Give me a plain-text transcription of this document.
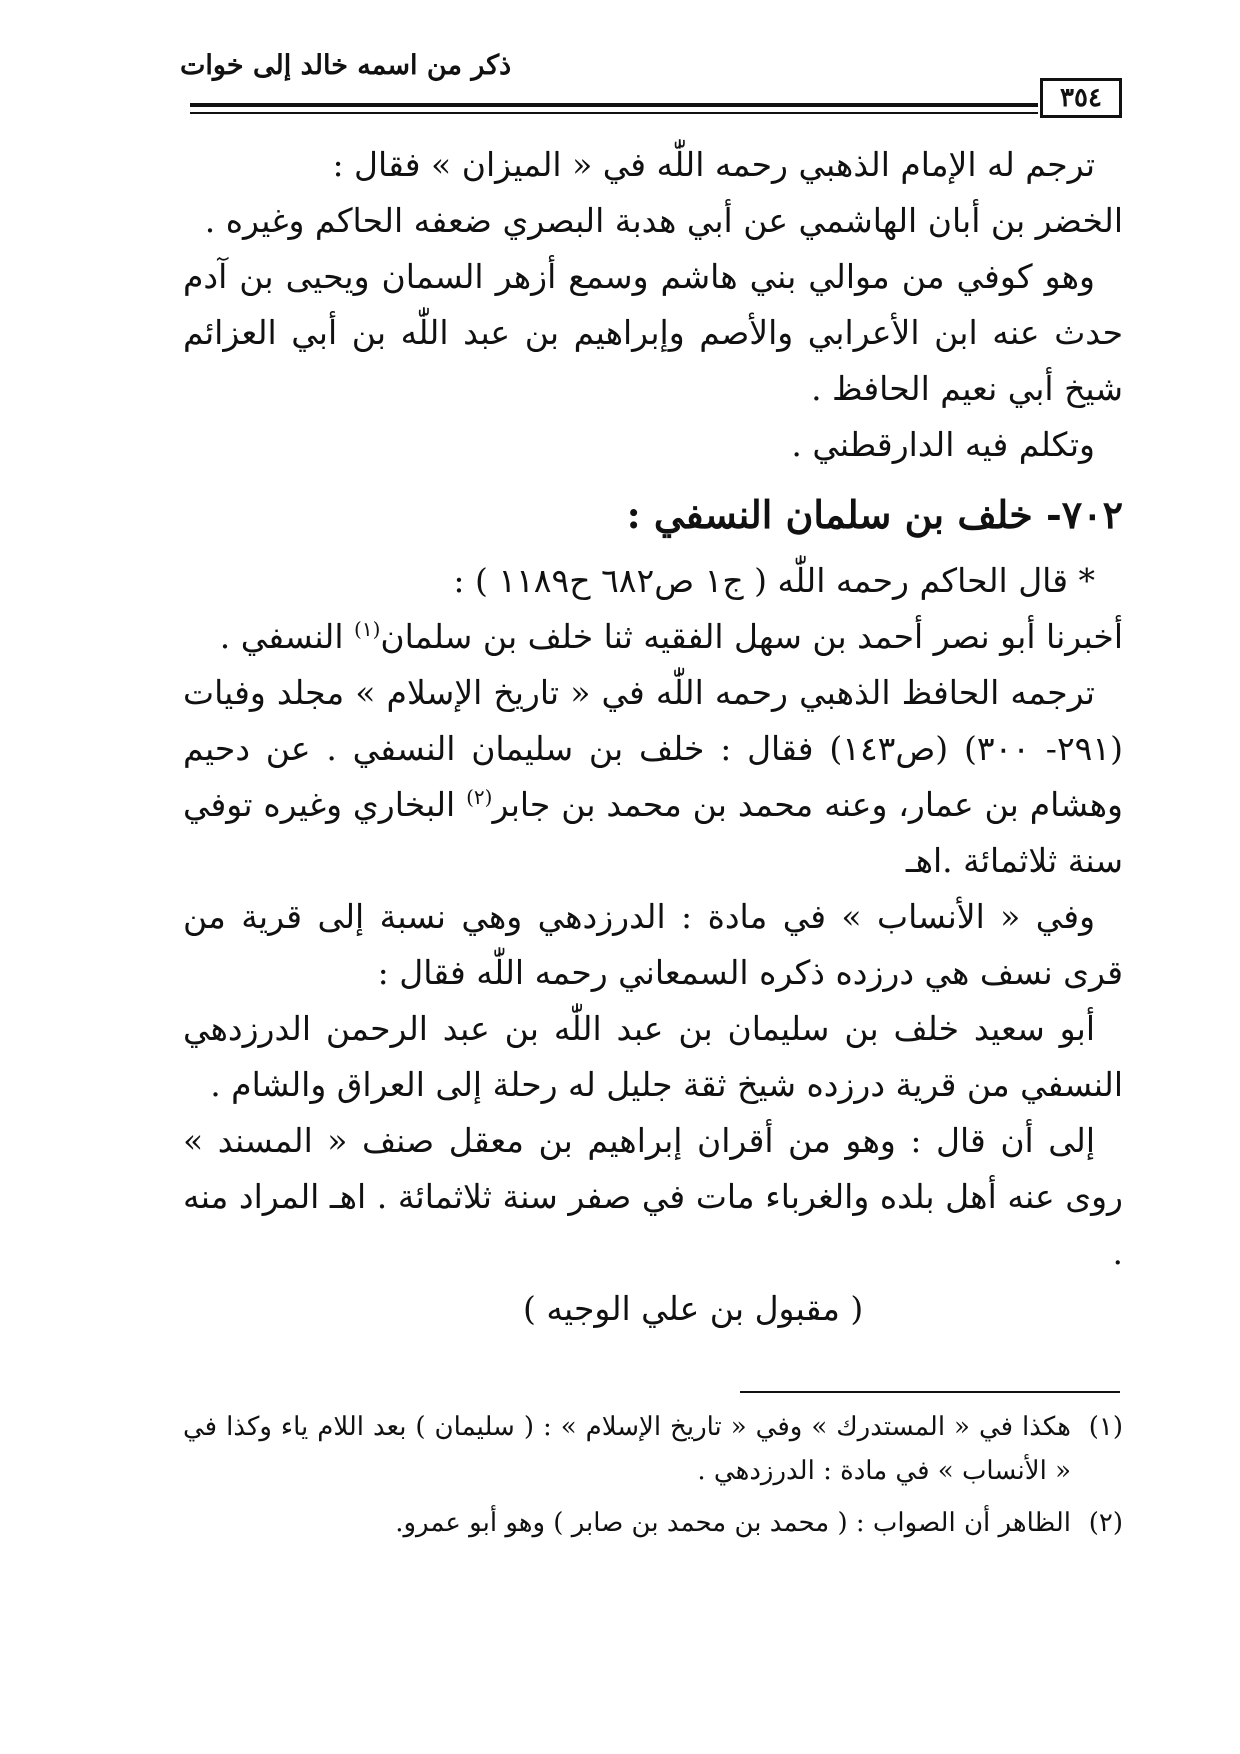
ذكر من اسمه خالد إلى خوات
٣٥٤

ترجم له الإمام الذهبي رحمه اللّٰه في « الميزان » فقال :

الخضر بن أبان الهاشمي عن أبي هدبة البصري ضعفه الحاكم وغيره .

وهو كوفي من موالي بني هاشم وسمع أزهر السمان ويحيى بن آدم حدث عنه ابن الأعرابي والأصم وإبراهيم بن عبد اللّٰه بن أبي العزائم شيخ أبي نعيم الحافظ .

وتكلم فيه الدارقطني .

٧٠٢- خلف بن سلمان النسفي :

* قال الحاكم رحمه اللّٰه ( ج١ ص٦٨٢ ح١١٨٩ ) :

أخبرنا أبو نصر أحمد بن سهل الفقيه ثنا خلف بن سلمان$^{(١)}$ النسفي .

ترجمه الحافظ الذهبي رحمه اللّٰه في « تاريخ الإسلام » مجلد وفيات (٢٩١- ٣٠٠) (ص١٤٣) فقال : خلف بن سليمان النسفي . عن دحيم وهشام بن عمار، وعنه محمد بن محمد بن جابر$^{(٢)}$ البخاري وغيره توفي سنة ثلاثمائة .اهـ

وفي « الأنساب » في مادة : الدرزدهي وهي نسبة إلى قرية من قرى نسف هي درزده ذكره السمعاني رحمه اللّٰه فقال :

أبو سعيد خلف بن سليمان بن عبد اللّٰه بن عبد الرحمن الدرزدهي النسفي من قرية درزده شيخ ثقة جليل له رحلة إلى العراق والشام .

إلى أن قال : وهو من أقران إبراهيم بن معقل صنف « المسند » روى عنه أهل بلده والغرباء مات في صفر سنة ثلاثمائة . اهـ المراد منه .

( مقبول بن علي الوجيه )

(١)
هكذا في « المستدرك » وفي « تاريخ الإسلام » : ( سليمان ) بعد اللام ياء وكذا في « الأنساب » في مادة : الدرزدهي .

(٢)
الظاهر أن الصواب : ( محمد بن محمد بن صابر ) وهو أبو عمرو.
